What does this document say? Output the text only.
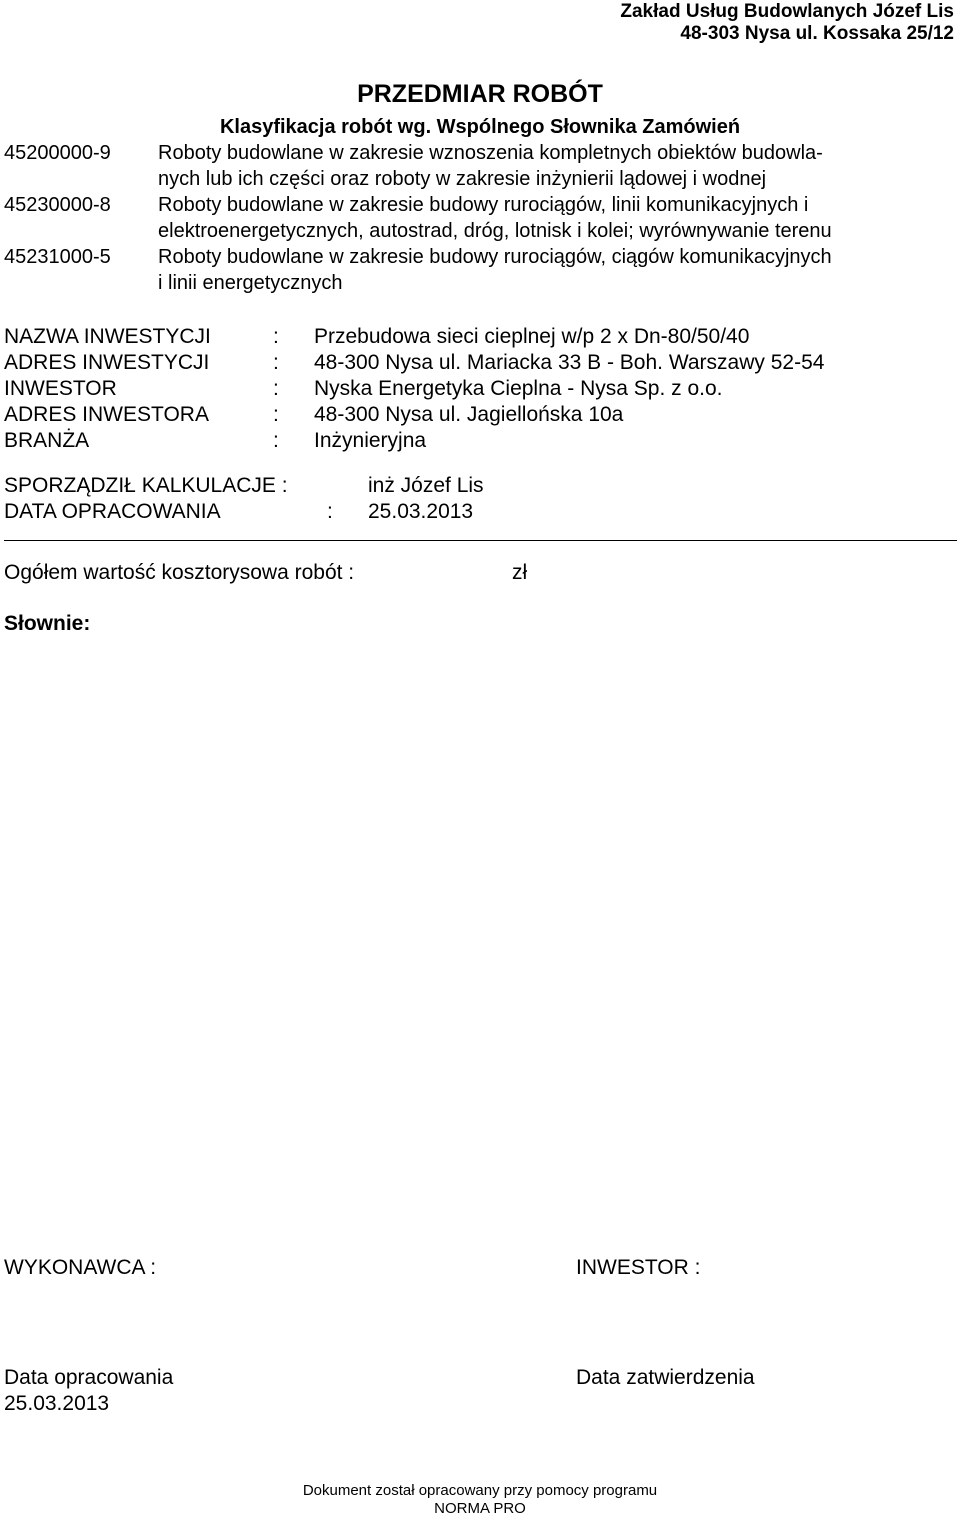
Zakład Usług Budowlanych Józef Lis
48-303 Nysa ul. Kossaka 25/12
PRZEDMIAR ROBÓT
Klasyfikacja robót wg. Wspólnego Słownika Zamówień
45200000-9 Roboty budowlane w zakresie wznoszenia kompletnych obiektów budowla-
nych lub ich części oraz roboty w zakresie inżynierii lądowej i wodnej
45230000-8 Roboty budowlane w zakresie budowy rurociągów, linii komunikacyjnych i
elektroenergetycznych, autostrad, dróg, lotnisk i kolei; wyrównywanie terenu
45231000-5 Roboty budowlane w zakresie budowy rurociągów, ciągów komunikacyjnych
i linii energetycznych
NAZWA INWESTYCJI	: Przebudowa sieci cieplnej w/p 2 x Dn-80/50/40
ADRES INWESTYCJI	: 48-300 Nysa ul. Mariacka 33 B - Boh. Warszawy 52-54
INWESTOR	: Nyska Energetyka Cieplna - Nysa Sp. z o.o.
ADRES INWESTORA	: 48-300 Nysa ul. Jagiellońska 10a
BRANŻA	: Inżynieryjna
SPORZĄDZIŁ KALKULACJE :	inż Józef Lis
DATA OPRACOWANIA	: 25.03.2013
Ogółem wartość kosztorysowa robót :	zł
Słownie:
WYKONAWCA :	INWESTOR :
Data opracowania	Data zatwierdzenia
25.03.2013
Dokument został opracowany przy pomocy programu
NORMA PRO
